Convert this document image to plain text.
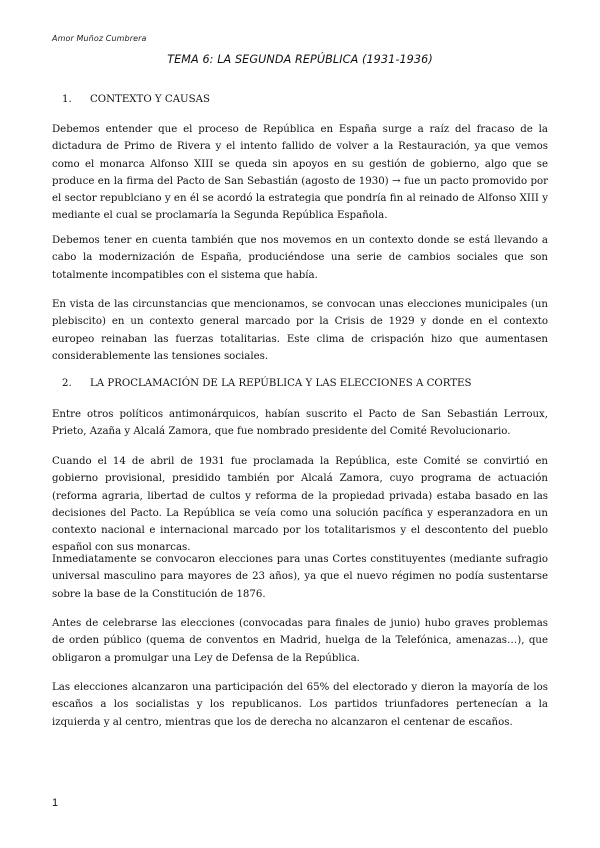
Amor Muñoz Cumbrera
TEMA 6: LA SEGUNDA REPÚBLICA (1931-1936)
1.	CONTEXTO Y CAUSAS

Debemos entender que el proceso de República en España surge a raíz del fracaso de la dictadura de Primo de Rivera y el intento fallido de volver a la Restauración, ya que vemos como el monarca Alfonso XIII se queda sin apoyos en su gestión de gobierno, algo que se produce en la firma del Pacto de San Sebastián (agosto de 1930) → fue un pacto promovido por el sector republciano y en él se acordó la estrategia que pondría fin al reinado de Alfonso XIII y mediante el cual se proclamaría la Segunda República Española.

Debemos tener en cuenta también que nos movemos en un contexto donde se está llevando a cabo la modernización de España, produciéndose una serie de cambios sociales que son totalmente incompatibles con el sistema que había.

En vista de las circunstancias que mencionamos, se convocan unas elecciones municipales (un plebiscito) en un contexto general marcado por la Crisis de 1929 y donde en el contexto europeo reinaban las fuerzas totalitarias. Este clima de crispación hizo que aumentasen considerablemente las tensiones sociales.

2.	LA PROCLAMACIÓN DE LA REPÚBLICA Y LAS ELECCIONES A CORTES

Entre otros políticos antimonárquicos, habían suscrito el Pacto de San Sebastián Lerroux, Prieto, Azaña y Alcalá Zamora, que fue nombrado presidente del Comité Revolucionario.

Cuando el 14 de abril de 1931 fue proclamada la República, este Comité se convirtió en gobierno provisional, presidido también por Alcalá Zamora, cuyo programa de actuación (reforma agraria, libertad de cultos y reforma de la propiedad privada) estaba basado en las decisiones del Pacto. La República se veía como una solución pacífica y esperanzadora en un contexto nacional e internacional marcado por los totalitarismos y el descontento del pueblo español con sus monarcas.

Inmediatamente se convocaron elecciones para unas Cortes constituyentes (mediante sufragio universal masculino para mayores de 23 años), ya que el nuevo régimen no podía sustentarse sobre la base de la Constitución de 1876.

Antes de celebrarse las elecciones (convocadas para finales de junio) hubo graves problemas de orden público (quema de conventos en Madrid, huelga de la Telefónica, amenazas…), que obligaron a promulgar una Ley de Defensa de la República.

Las elecciones alcanzaron una participación del 65% del electorado y dieron la mayoría de los escaños a los socialistas y los republicanos. Los partidos triunfadores pertenecían a la izquierda y al centro, mientras que los de derecha no alcanzaron el centenar de escaños.

1
